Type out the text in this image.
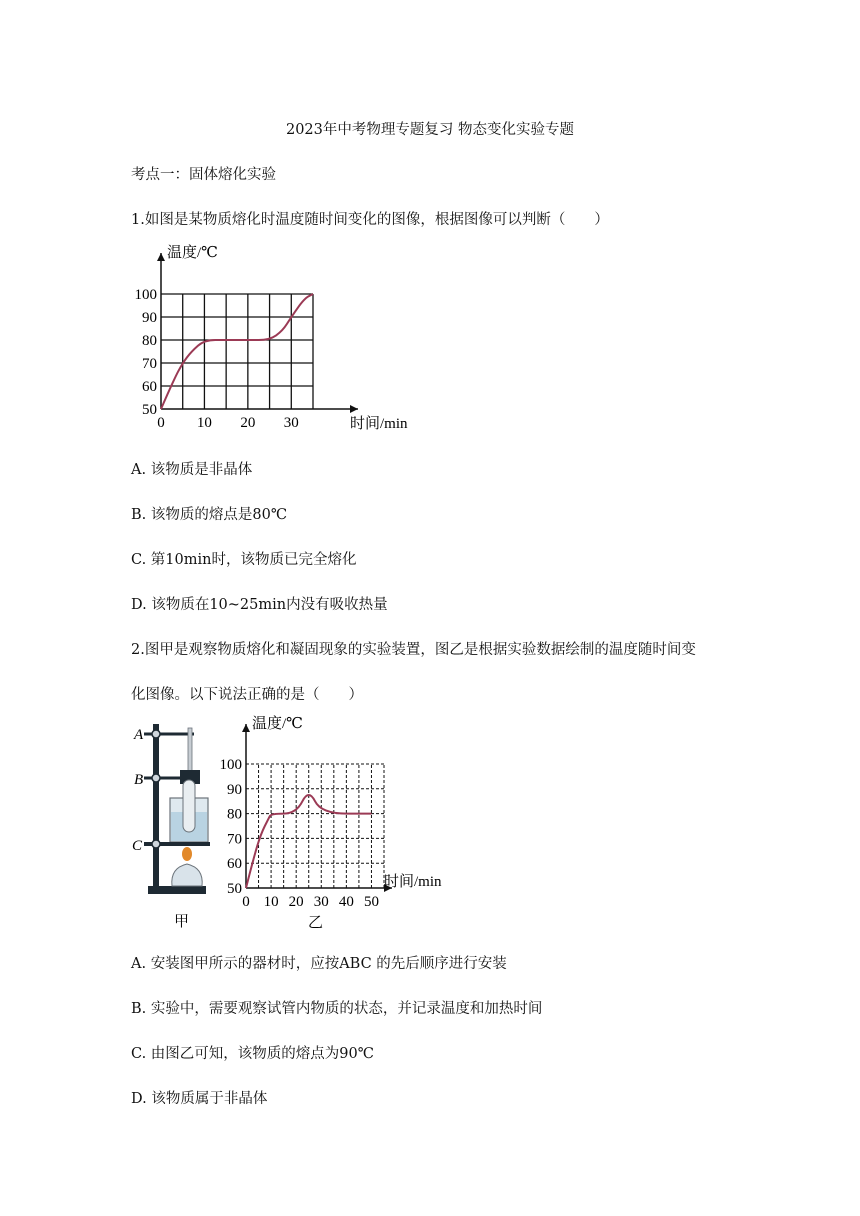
2023年中考物理专题复习 物态变化实验专题
考点一：固体熔化实验
1.如图是某物质熔化时温度随时间变化的图像，根据图像可以判断（　　）
0 10 20 30
50
60
70
80
90
100
温度/℃
时间/min
A. 该物质是非晶体
B. 该物质的熔点是80℃
C. 第10min时，该物质已完全熔化
D. 该物质在10~25min内没有吸收热量
2.图甲是观察物质熔化和凝固现象的实验装置，图乙是根据实验数据绘制的温度随时间变
化图像。以下说法正确的是（　　）
A
B
C
甲
0 10 20 30 40 50
50
60
70
80
90
100
温度/℃
时间/min
乙
A. 安装图甲所示的器材时，应按ABC 的先后顺序进行安装
B. 实验中，需要观察试管内物质的状态，并记录温度和加热时间
C. 由图乙可知，该物质的熔点为90℃
D. 该物质属于非晶体
